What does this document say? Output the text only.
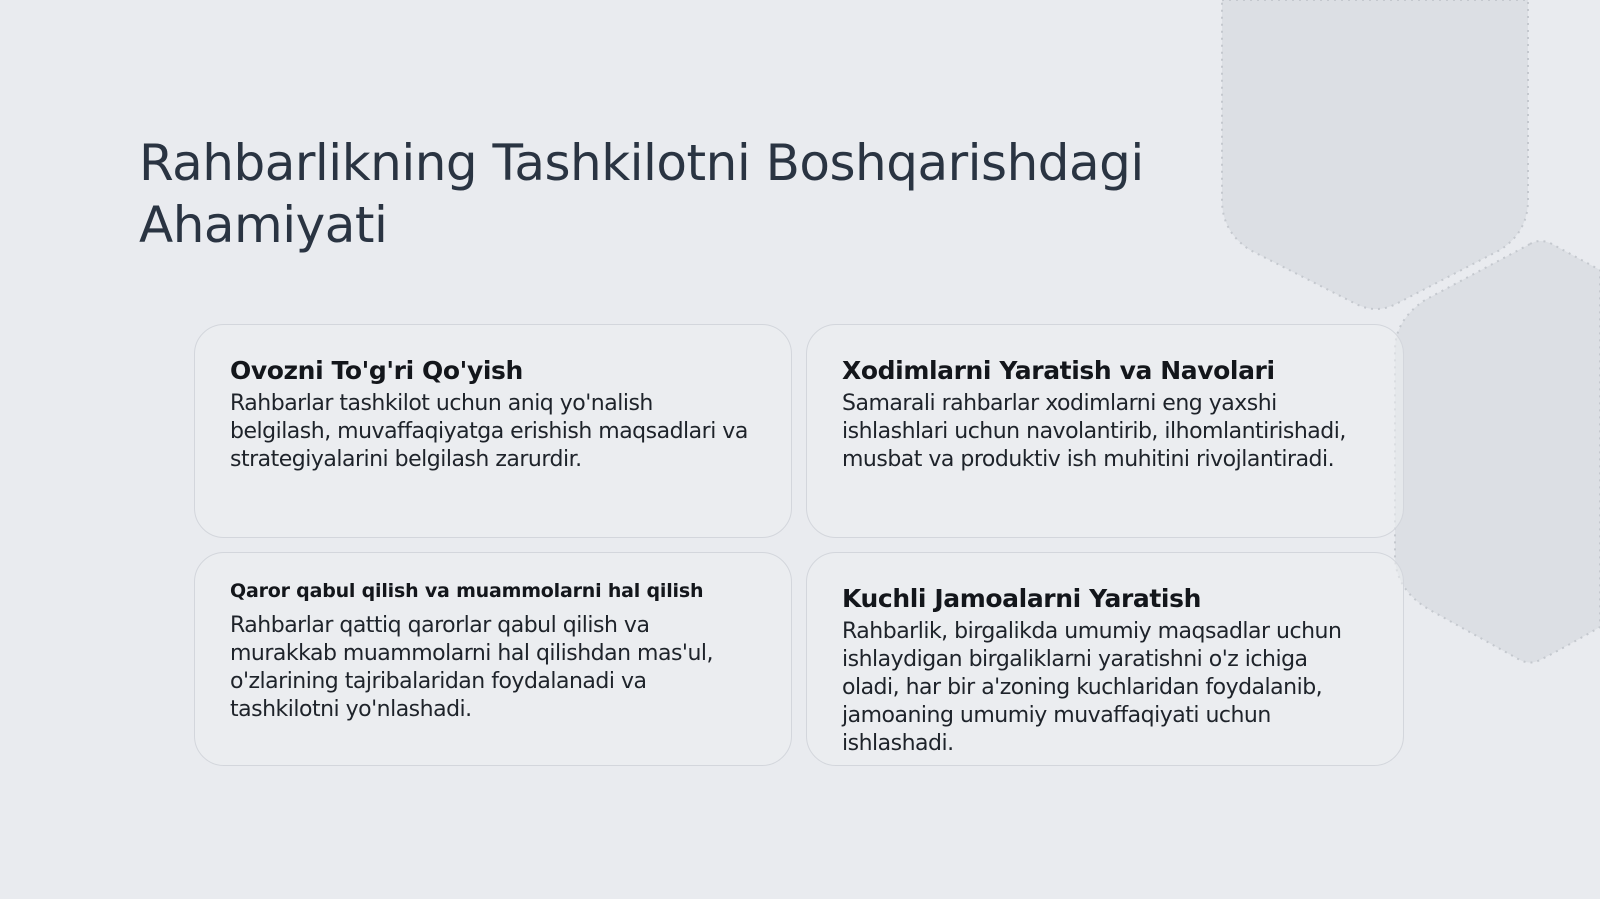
Rahbarlikning Tashkilotni Boshqarishdagi Ahamiyati
Ovozni To'g'ri Qo'yish

Rahbarlar tashkilot uchun aniq yo'nalish belgilash, muvaffaqiyatga erishish maqsadlari va strategiyalarini belgilash zarurdir.

Xodimlarni Yaratish va Navolari

Samarali rahbarlar xodimlarni eng yaxshi ishlashlari uchun navolantirib, ilhomlantirishadi, musbat va produktiv ish muhitini rivojlantiradi.

Qaror qabul qilish va muammolarni hal qilish

Rahbarlar qattiq qarorlar qabul qilish va murakkab muammolarni hal qilishdan mas'ul, o'zlarining tajribalaridan foydalanadi va tashkilotni yo'nlashadi.

Kuchli Jamoalarni Yaratish

Rahbarlik, birgalikda umumiy maqsadlar uchun ishlaydigan birgaliklarni yaratishni o'z ichiga oladi, har bir a'zoning kuchlaridan foydalanib, jamoaning umumiy muvaffaqiyati uchun ishlashadi.
